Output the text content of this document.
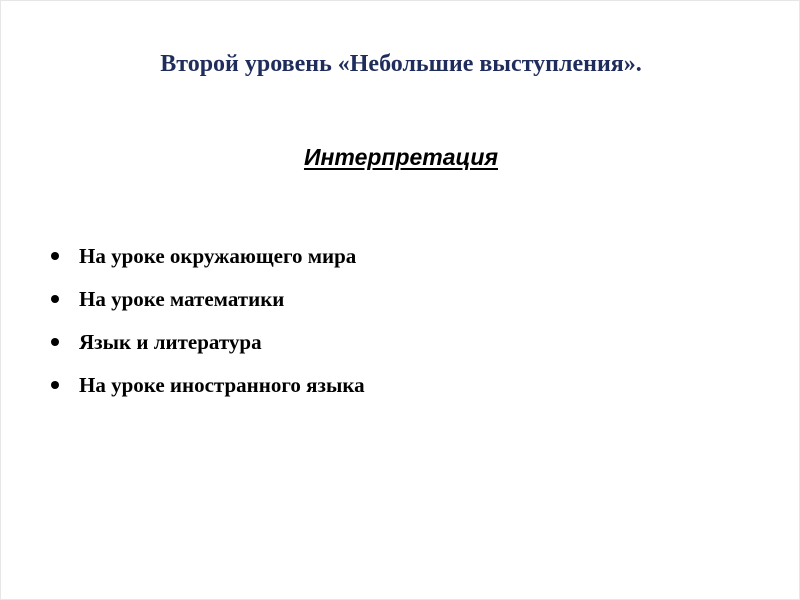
Второй уровень «Небольшие выступления».
Интерпретация
На уроке окружающего мира
На уроке математики
Язык и литература
На уроке иностранного языка
